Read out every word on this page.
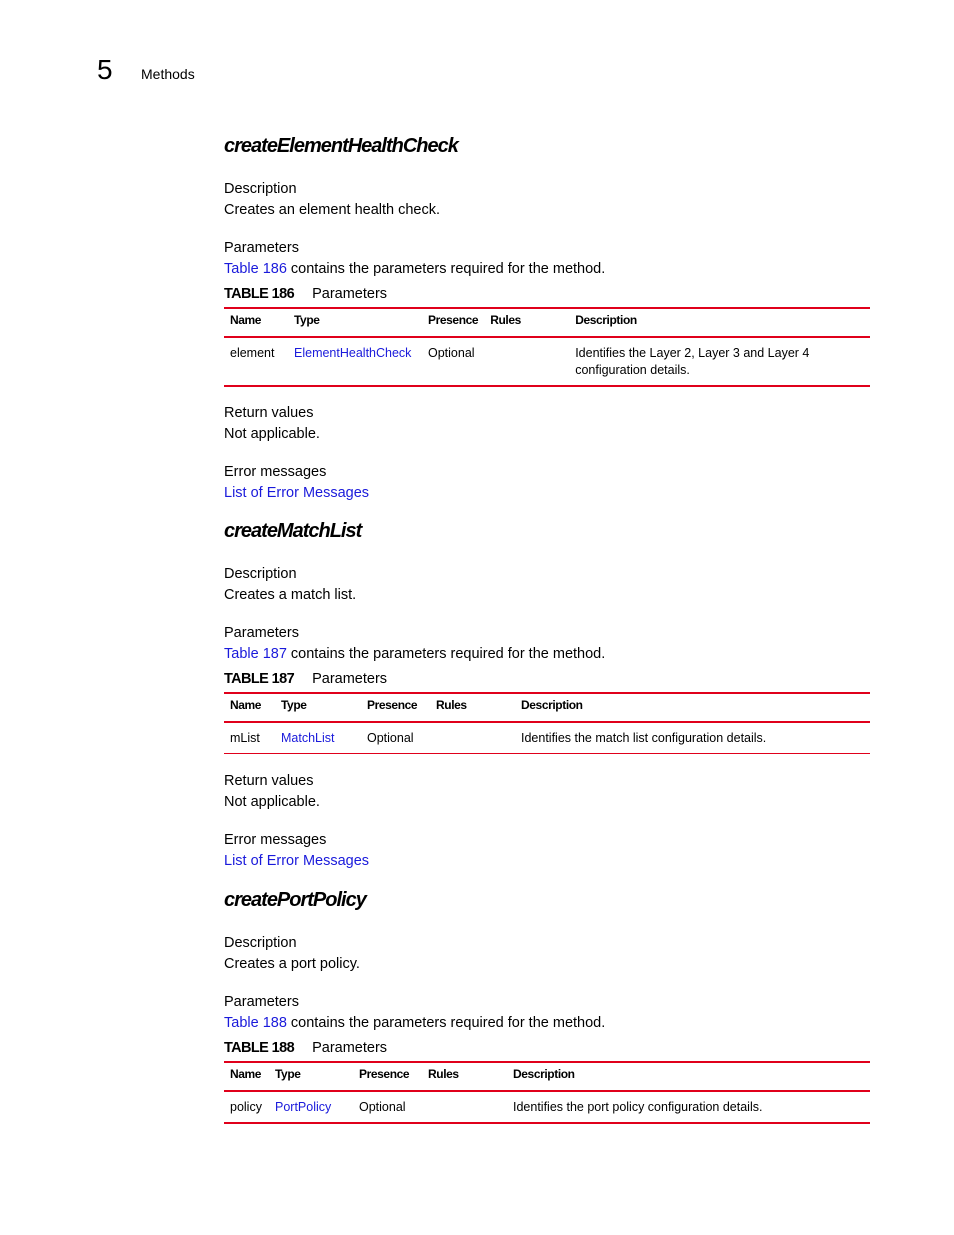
5 Methods
createElementHealthCheck

Description

Creates an element health check.

Parameters

Table 186 contains the parameters required for the method.

TABLE 186 Parameters

Name	Type	Presence	Rules	Description
element	ElementHealthCheck	Optional		Identifies the Layer 2, Layer 3 and Layer 4 configuration details.

Return values

Not applicable.

Error messages

List of Error Messages

createMatchList

Description

Creates a match list.

Parameters

Table 187 contains the parameters required for the method.

TABLE 187 Parameters

Name	Type	Presence	Rules	Description
mList	MatchList	Optional		Identifies the match list configuration details.

Return values

Not applicable.

Error messages

List of Error Messages

createPortPolicy

Description

Creates a port policy.

Parameters

Table 188 contains the parameters required for the method.

TABLE 188 Parameters

Name	Type	Presence	Rules	Description
policy	PortPolicy	Optional		Identifies the port policy configuration details.
